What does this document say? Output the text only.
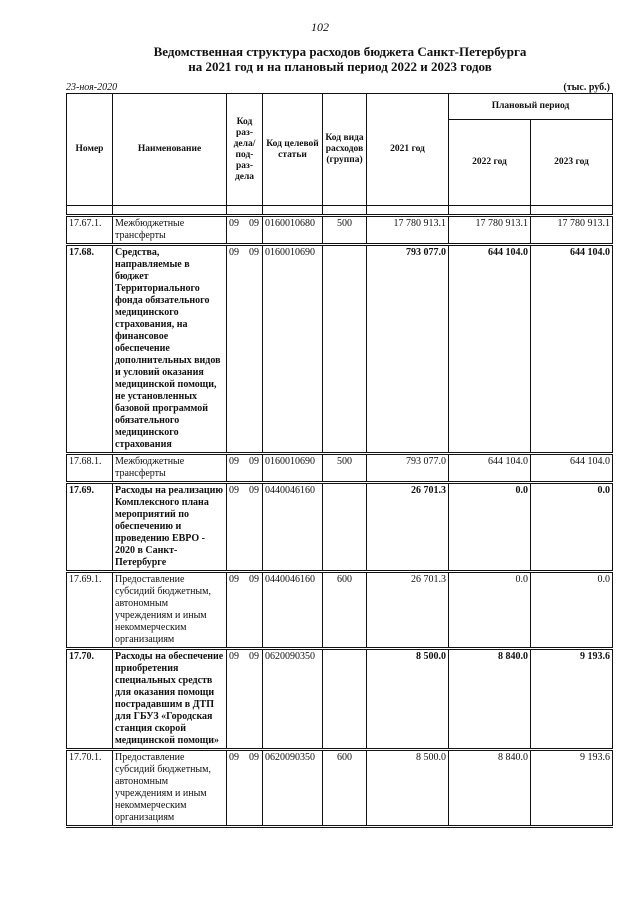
102
Ведомственная структура расходов бюджета Санкт-Петербурга
на 2021 год и на плановый период 2022 и 2023 годов
23-ноя-2020	(тыс. руб.)
Номер	Наименование	Код раз-дела/ под-раз-дела	Код целевой статьи	Код вида расходов (группа)	2021 год	Плановый период	
						2022 год	2023 год

17.67.1.	Межбюджетные трансферты	09 09	0160010680	500	17 780 913.1	17 780 913.1	17 780 913.1
17.68.	Средства, направляемые в бюджет Территориального фонда обязательного медицинского страхования, на финансовое обеспечение дополнительных видов и условий оказания медицинской помощи, не установленных базовой программой обязательного медицинского страхования	09 09	0160010690		793 077.0	644 104.0	644 104.0
17.68.1.	Межбюджетные трансферты	09 09	0160010690	500	793 077.0	644 104.0	644 104.0
17.69.	Расходы на реализацию Комплексного плана мероприятий по обеспечению и проведению ЕВРО - 2020 в Санкт-Петербурге	09 09	0440046160		26 701.3	0.0	0.0
17.69.1.	Предоставление субсидий бюджетным, автономным учреждениям и иным некоммерческим организациям	09 09	0440046160	600	26 701.3	0.0	0.0
17.70.	Расходы на обеспечение приобретения специальных средств для оказания помощи пострадавшим в ДТП для ГБУЗ «Городская станция скорой медицинской помощи»	09 09	0620090350		8 500.0	8 840.0	9 193.6
17.70.1.	Предоставление субсидий бюджетным, автономным учреждениям и иным некоммерческим организациям	09 09	0620090350	600	8 500.0	8 840.0	9 193.6
